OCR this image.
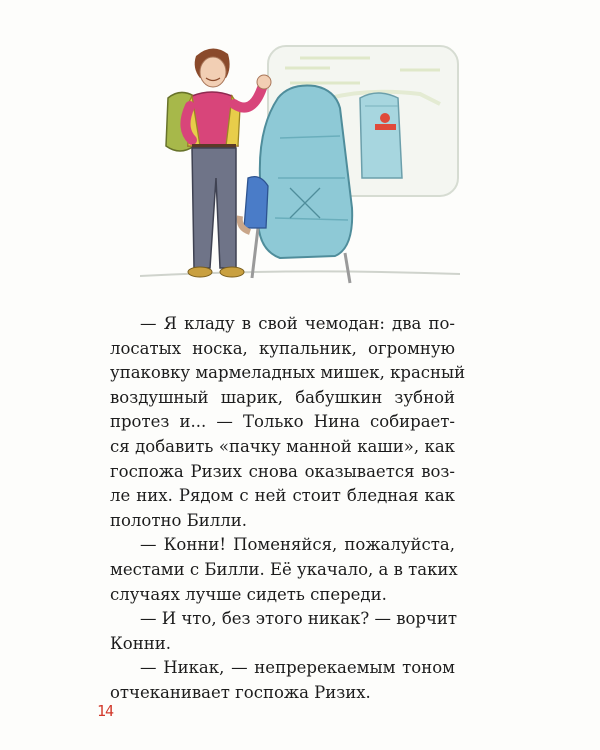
— Я кладу в свой чемодан: два по-
лосатых носка, купальник, огромную
упаковку мармеладных мишек, красный
воздушный шарик, бабушкин зубной
протез и... — Только Нина собирает-
ся добавить «пачку манной каши», как
госпожа Ризих снова оказывается воз-
ле них. Рядом с ней стоит бледная как
полотно Билли.
— Конни! Поменяйся, пожалуйста,
местами с Билли. Её укачало, а в таких
случаях лучше сидеть спереди.
— И что, без этого никак? — ворчит
Конни.
— Никак, — непререкаемым тоном
отчеканивает госпожа Ризих.
14
